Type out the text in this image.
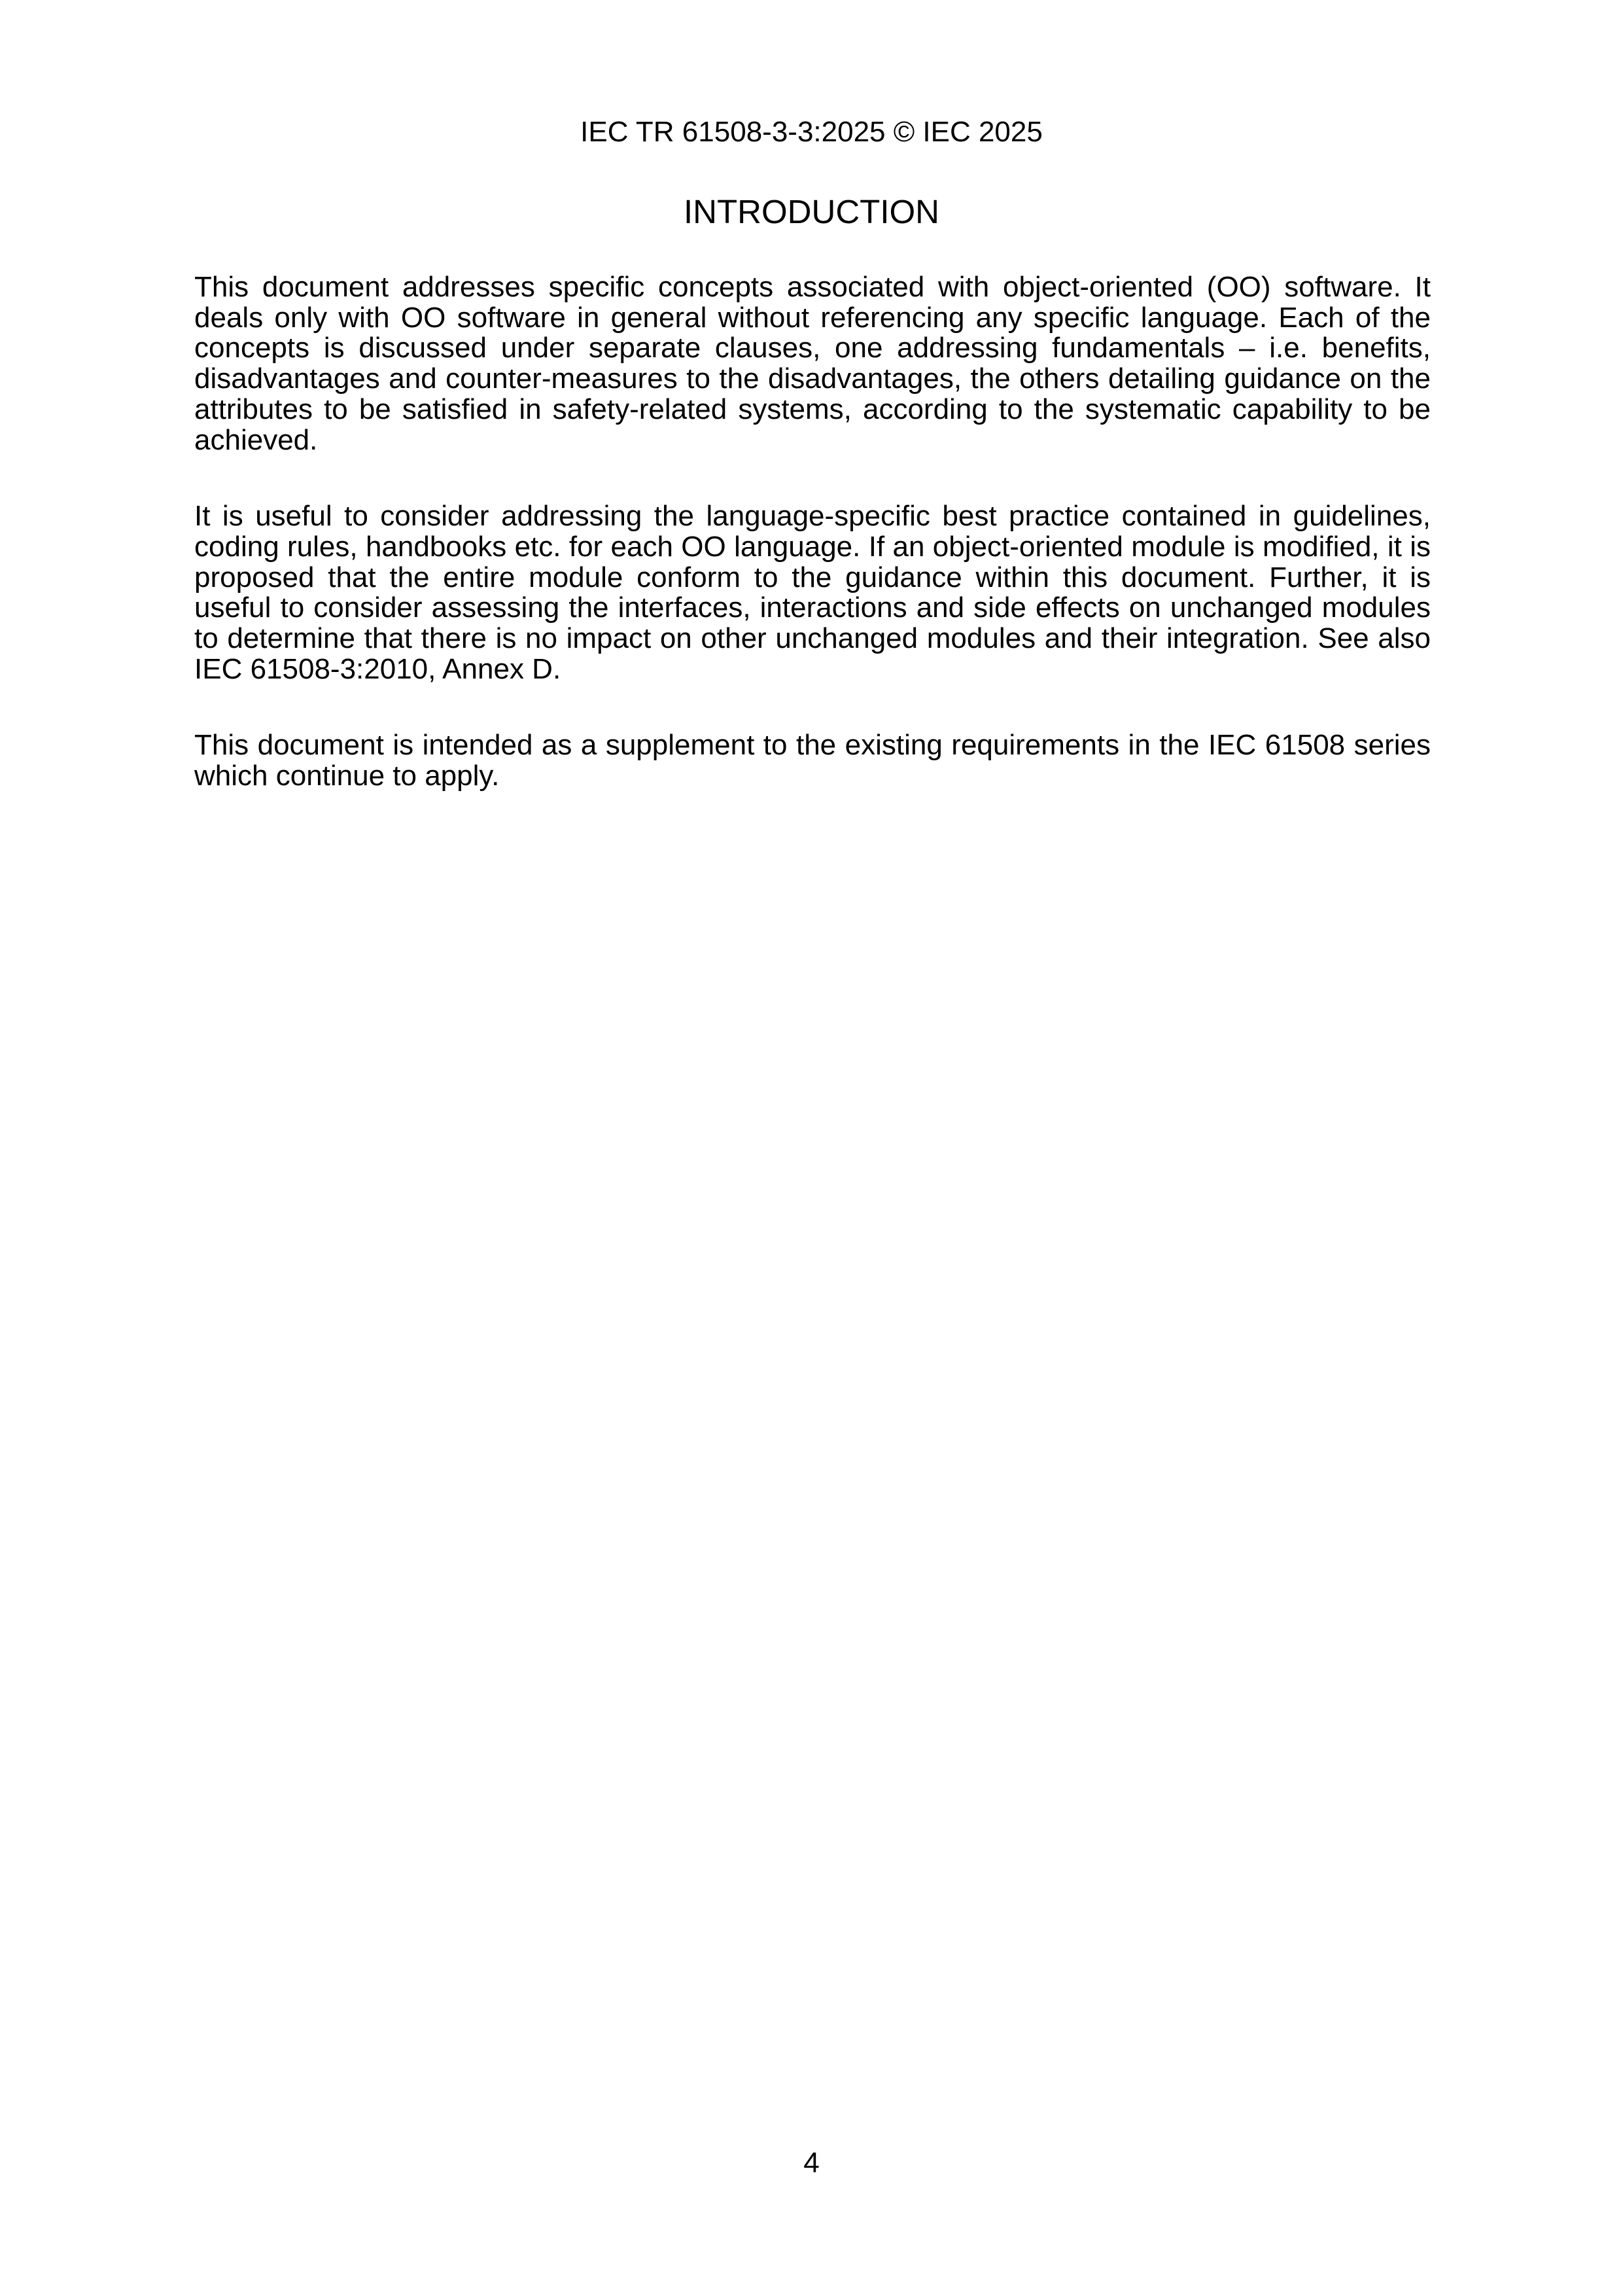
IEC TR 61508-3-3:2025 © IEC 2025
INTRODUCTION

This document addresses specific concepts associated with object-oriented (OO) software. It deals only with OO software in general without referencing any specific language. Each of the concepts is discussed under separate clauses, one addressing fundamentals – i.e. benefits, disadvantages and counter-measures to the disadvantages, the others detailing guidance on the attributes to be satisfied in safety-related systems, according to the systematic capability to be achieved.

It is useful to consider addressing the language-specific best practice contained in guidelines, coding rules, handbooks etc. for each OO language. If an object-oriented module is modified, it is proposed that the entire module conform to the guidance within this document. Further, it is useful to consider assessing the interfaces, interactions and side effects on unchanged modules to determine that there is no impact on other unchanged modules and their integration. See also IEC 61508-3:2010, Annex D.

This document is intended as a supplement to the existing requirements in the IEC 61508 series which continue to apply.

4
